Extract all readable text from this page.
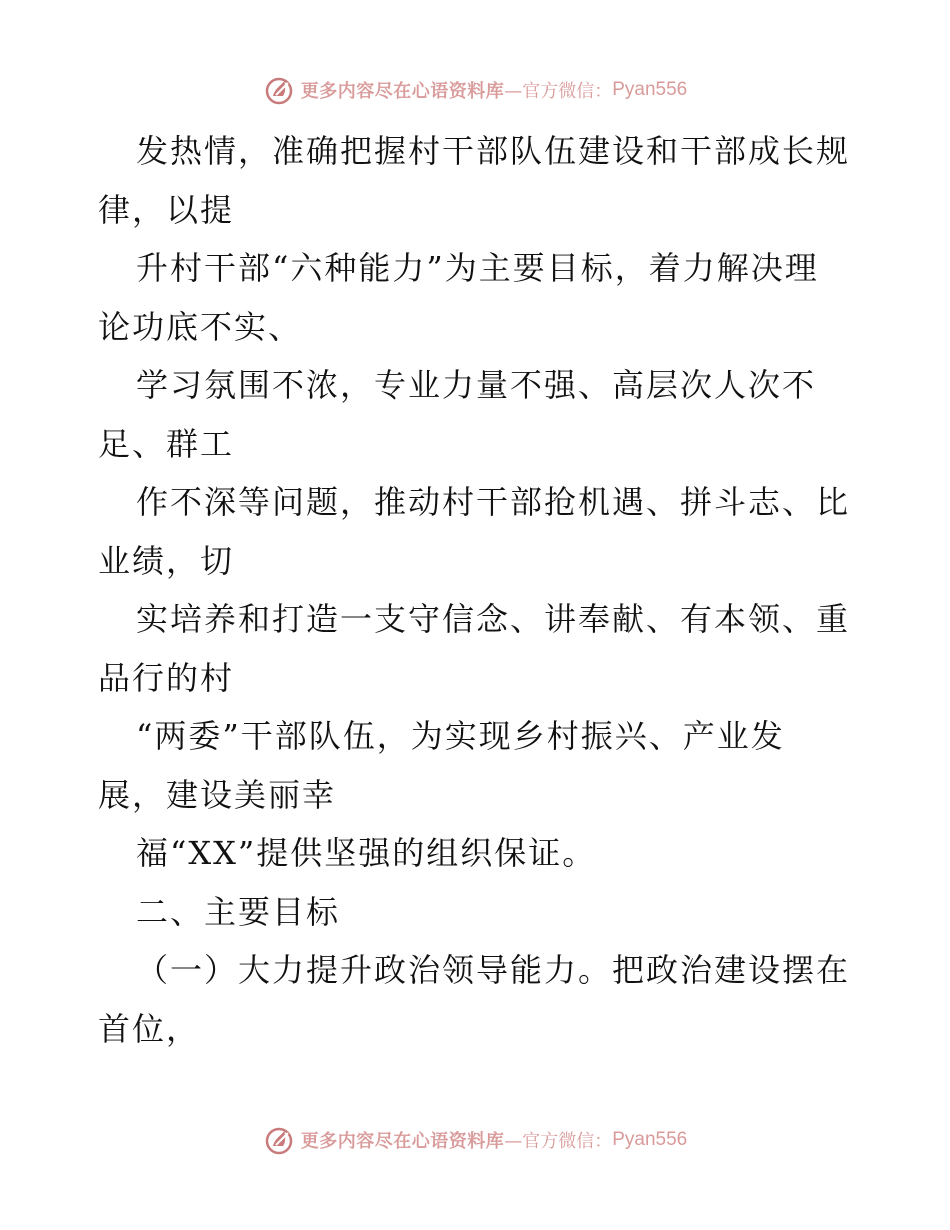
更多内容尽在心语资料库 —官方微信： Pyan556
发热情，准确把握村干部队伍建设和干部成长规
律，以提
升村干部“六种能力”为主要目标，着力解决理
论功底不实、
学习氛围不浓，专业力量不强、高层次人次不
足、群工
作不深等问题，推动村干部抢机遇、拼斗志、比
业绩，切
实培养和打造一支守信念、讲奉献、有本领、重
品行的村
“两委”干部队伍，为实现乡村振兴、产业发
展，建设美丽幸
福“XX”提供坚强的组织保证。
二、主要目标
（一）大力提升政治领导能力。把政治建设摆在
首位，
更多内容尽在心语资料库 —官方微信： Pyan556
